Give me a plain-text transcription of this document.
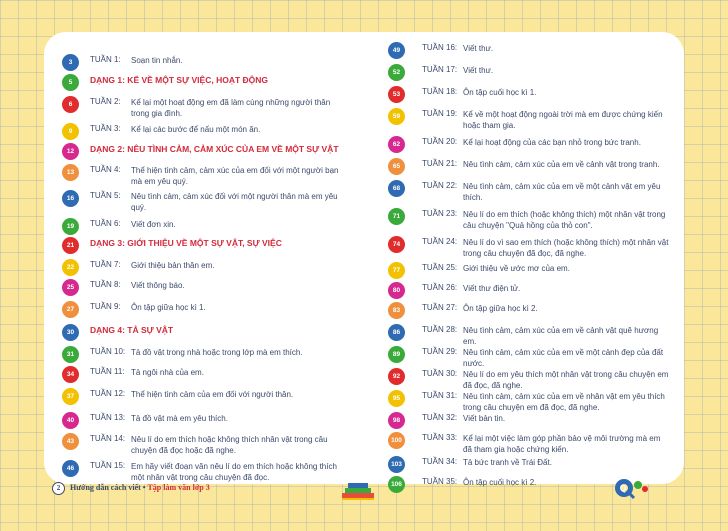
3	TUẦN 1: Soạn tin nhắn.
5	DẠNG 1: KỂ VỀ MỘT SỰ VIỆC, HOẠT ĐỘNG
6	TUẦN 2: Kể lại một hoạt động em đã làm cùng những người thân trong gia đình.
9	TUẦN 3: Kể lại các bước để nấu một món ăn.
12	DẠNG 2: NÊU TÌNH CẢM, CẢM XÚC CỦA EM VỀ MỘT SỰ VẬT
13	TUẦN 4: Thể hiện tình cảm, cảm xúc của em đối với một người bạn mà em yêu quý.
16	TUẦN 5: Nêu tình cảm, cảm xúc đối với một người thân mà em yêu quý.
19	TUẦN 6: Viết đơn xin.
21	DẠNG 3: GIỚI THIỆU VỀ MỘT SỰ VẬT, SỰ VIỆC
22	TUẦN 7: Giới thiệu bản thân em.
25	TUẦN 8: Viết thông báo.
27	TUẦN 9: Ôn tập giữa học kì 1.
30	DẠNG 4: TẢ SỰ VẬT
31	TUẦN 10: Tả đồ vật trong nhà hoặc trong lớp mà em thích.
34	TUẦN 11: Tả ngôi nhà của em.
37	TUẦN 12: Thể hiện tình cảm của em đối với người thân.
40	TUẦN 13: Tả đồ vật mà em yêu thích.
43	TUẦN 14: Nêu lí do em thích hoặc không thích nhân vật trong câu chuyện đã đọc hoặc đã nghe.
46	TUẦN 15: Em hãy viết đoạn văn nêu lí do em thích hoặc không thích một nhân vật trong câu chuyện đã đọc.
49	TUẦN 16: Viết thư.
52	TUẦN 17: Viết thư.
53	TUẦN 18: Ôn tập cuối học kì 1.
59	TUẦN 19: Kể về một hoạt động ngoài trời mà em được chứng kiến hoặc tham gia.
62	TUẦN 20: Kể lại hoạt động của các bạn nhỏ trong bức tranh.
65	TUẦN 21: Nêu tình cảm, cảm xúc của em về cảnh vật trong tranh.
68	TUẦN 22: Nêu tình cảm, cảm xúc của em về một cảnh vật em yêu thích.
71	TUẦN 23: Nêu lí do em thích (hoặc không thích) một nhân vật trong câu chuyện "Quả hồng của thỏ con".
74	TUẦN 24: Nêu lí do vì sao em thích (hoặc không thích) một nhân vật trong câu chuyện đã đọc, đã nghe.
77	TUẦN 25: Giới thiệu về ước mơ của em.
80	TUẦN 26: Viết thư điện tử.
83	TUẦN 27: Ôn tập giữa học kì 2.
86	TUẦN 28: Nêu tình cảm, cảm xúc của em về cảnh vật quê hương em.
89	TUẦN 29: Nêu tình cảm, cảm xúc của em về một cảnh đẹp của đất nước.
92	TUẦN 30: Nêu lí do em yêu thích một nhân vật trong câu chuyện em đã đọc, đã nghe.
95	TUẦN 31: Nêu tình cảm, cảm xúc của em về nhân vật em yêu thích trong câu chuyện em đã đọc, đã nghe.
98	TUẦN 32: Viết bản tin.
100	TUẦN 33: Kể lại một việc làm góp phần bảo vệ môi trường mà em đã tham gia hoặc chứng kiến.
103	TUẦN 34: Tả bức tranh về Trái Đất.
106	TUẦN 35: Ôn tập cuối học kì 2.
2 Hướng dẫn cách viết • Tập làm văn lớp 3	Q
